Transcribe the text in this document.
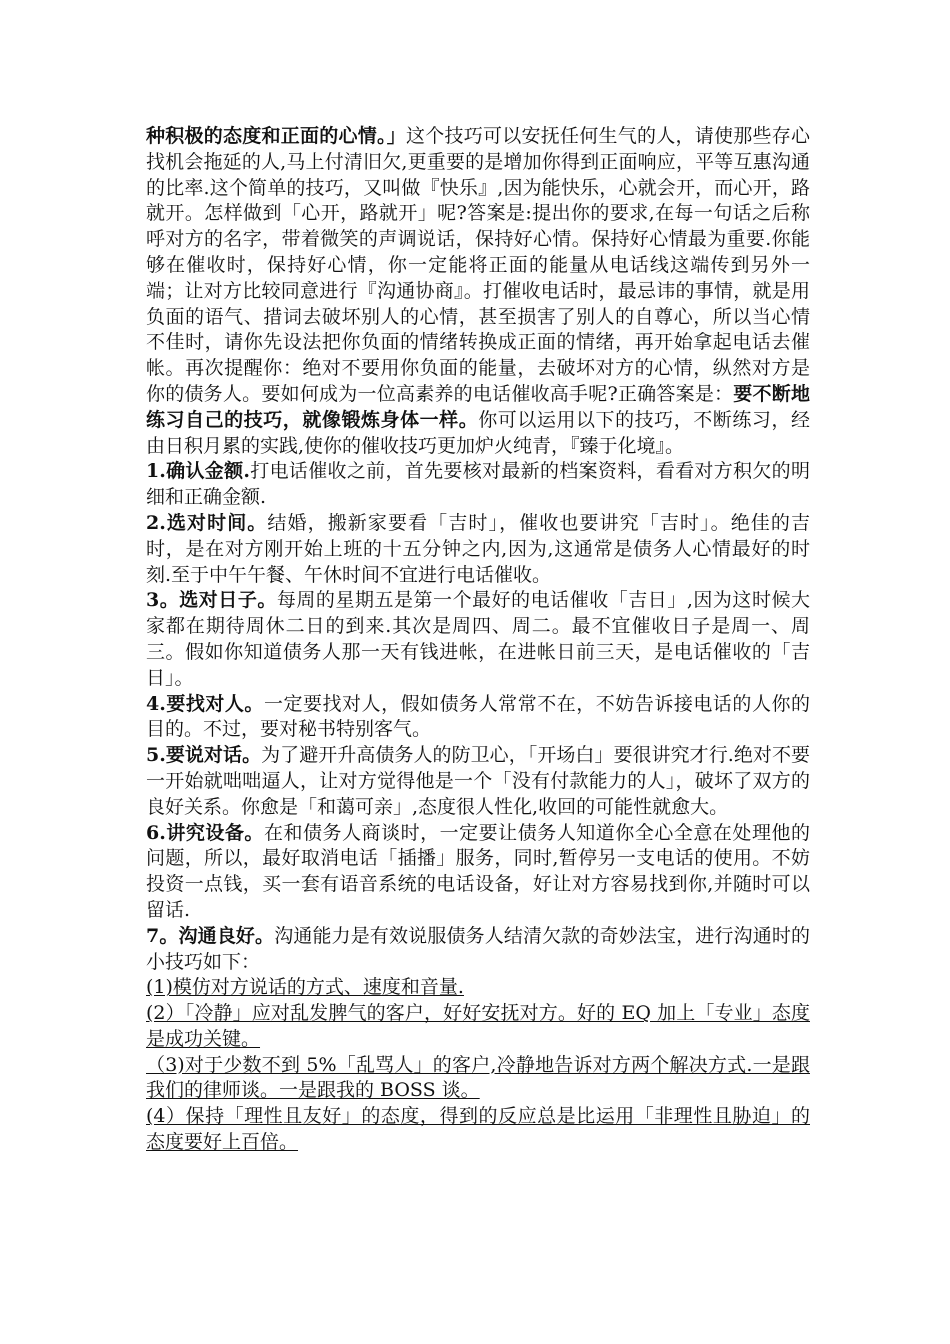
种积极的态度和正面的心情。」这个技巧可以安抚任何生气的人，请使那些存心找机会拖延的人,马上付清旧欠,更重要的是增加你得到正面响应，平等互惠沟通的比率.这个简单的技巧，又叫做『快乐』,因为能快乐，心就会开，而心开，路就开。怎样做到「心开，路就开」呢?答案是:提出你的要求,在每一句话之后称呼对方的名字，带着微笑的声调说话，保持好心情。保持好心情最为重要.你能够在催收时，保持好心情，你一定能将正面的能量从电话线这端传到另外一端；让对方比较同意进行『沟通协商』。打催收电话时，最忌讳的事情，就是用负面的语气、措词去破坏别人的心情，甚至损害了别人的自尊心，所以当心情不佳时，请你先设法把你负面的情绪转换成正面的情绪，再开始拿起电话去催帐。再次提醒你：绝对不要用你负面的能量，去破坏对方的心情，纵然对方是你的债务人。要如何成为一位高素养的电话催收高手呢?正确答案是：要不断地练习自己的技巧，就像锻炼身体一样。你可以运用以下的技巧，不断练习，经由日积月累的实践,使你的催收技巧更加炉火纯青，『臻于化境』。

1.确认金额.打电话催收之前，首先要核对最新的档案资料，看看对方积欠的明细和正确金额.

2.选对时间。结婚，搬新家要看「吉时」，催收也要讲究「吉时」。绝佳的吉时，是在对方刚开始上班的十五分钟之内,因为,这通常是债务人心情最好的时刻.至于中午午餐、午休时间不宜进行电话催收。

3。选对日子。每周的星期五是第一个最好的电话催收「吉日」,因为这时候大家都在期待周休二日的到来.其次是周四、周二。最不宜催收日子是周一、周三。假如你知道债务人那一天有钱进帐，在进帐日前三天，是电话催收的「吉日」。

4.要找对人。一定要找对人，假如债务人常常不在，不妨告诉接电话的人你的目的。不过，要对秘书特别客气。

5.要说对话。为了避开升高债务人的防卫心，「开场白」要很讲究才行.绝对不要一开始就咄咄逼人，让对方觉得他是一个「没有付款能力的人」，破坏了双方的良好关系。你愈是「和蔼可亲」,态度很人性化,收回的可能性就愈大。

6.讲究设备。在和债务人商谈时，一定要让债务人知道你全心全意在处理他的问题，所以，最好取消电话「插播」服务，同时,暂停另一支电话的使用。不妨投资一点钱，买一套有语音系统的电话设备，好让对方容易找到你,并随时可以留话.

7。沟通良好。沟通能力是有效说服债务人结清欠款的奇妙法宝，进行沟通时的小技巧如下：

(1)模仿对方说话的方式、速度和音量.

(2）「冷静」应对乱发脾气的客户，好好安抚对方。好的 EQ 加上「专业」态度是成功关键。

（3)对于少数不到 5%「乱骂人」的客户,冷静地告诉对方两个解决方式.一是跟我们的律师谈。一是跟我的 BOSS 谈。

(4）保持「理性且友好」的态度，得到的反应总是比运用「非理性且胁迫」的态度要好上百倍。
